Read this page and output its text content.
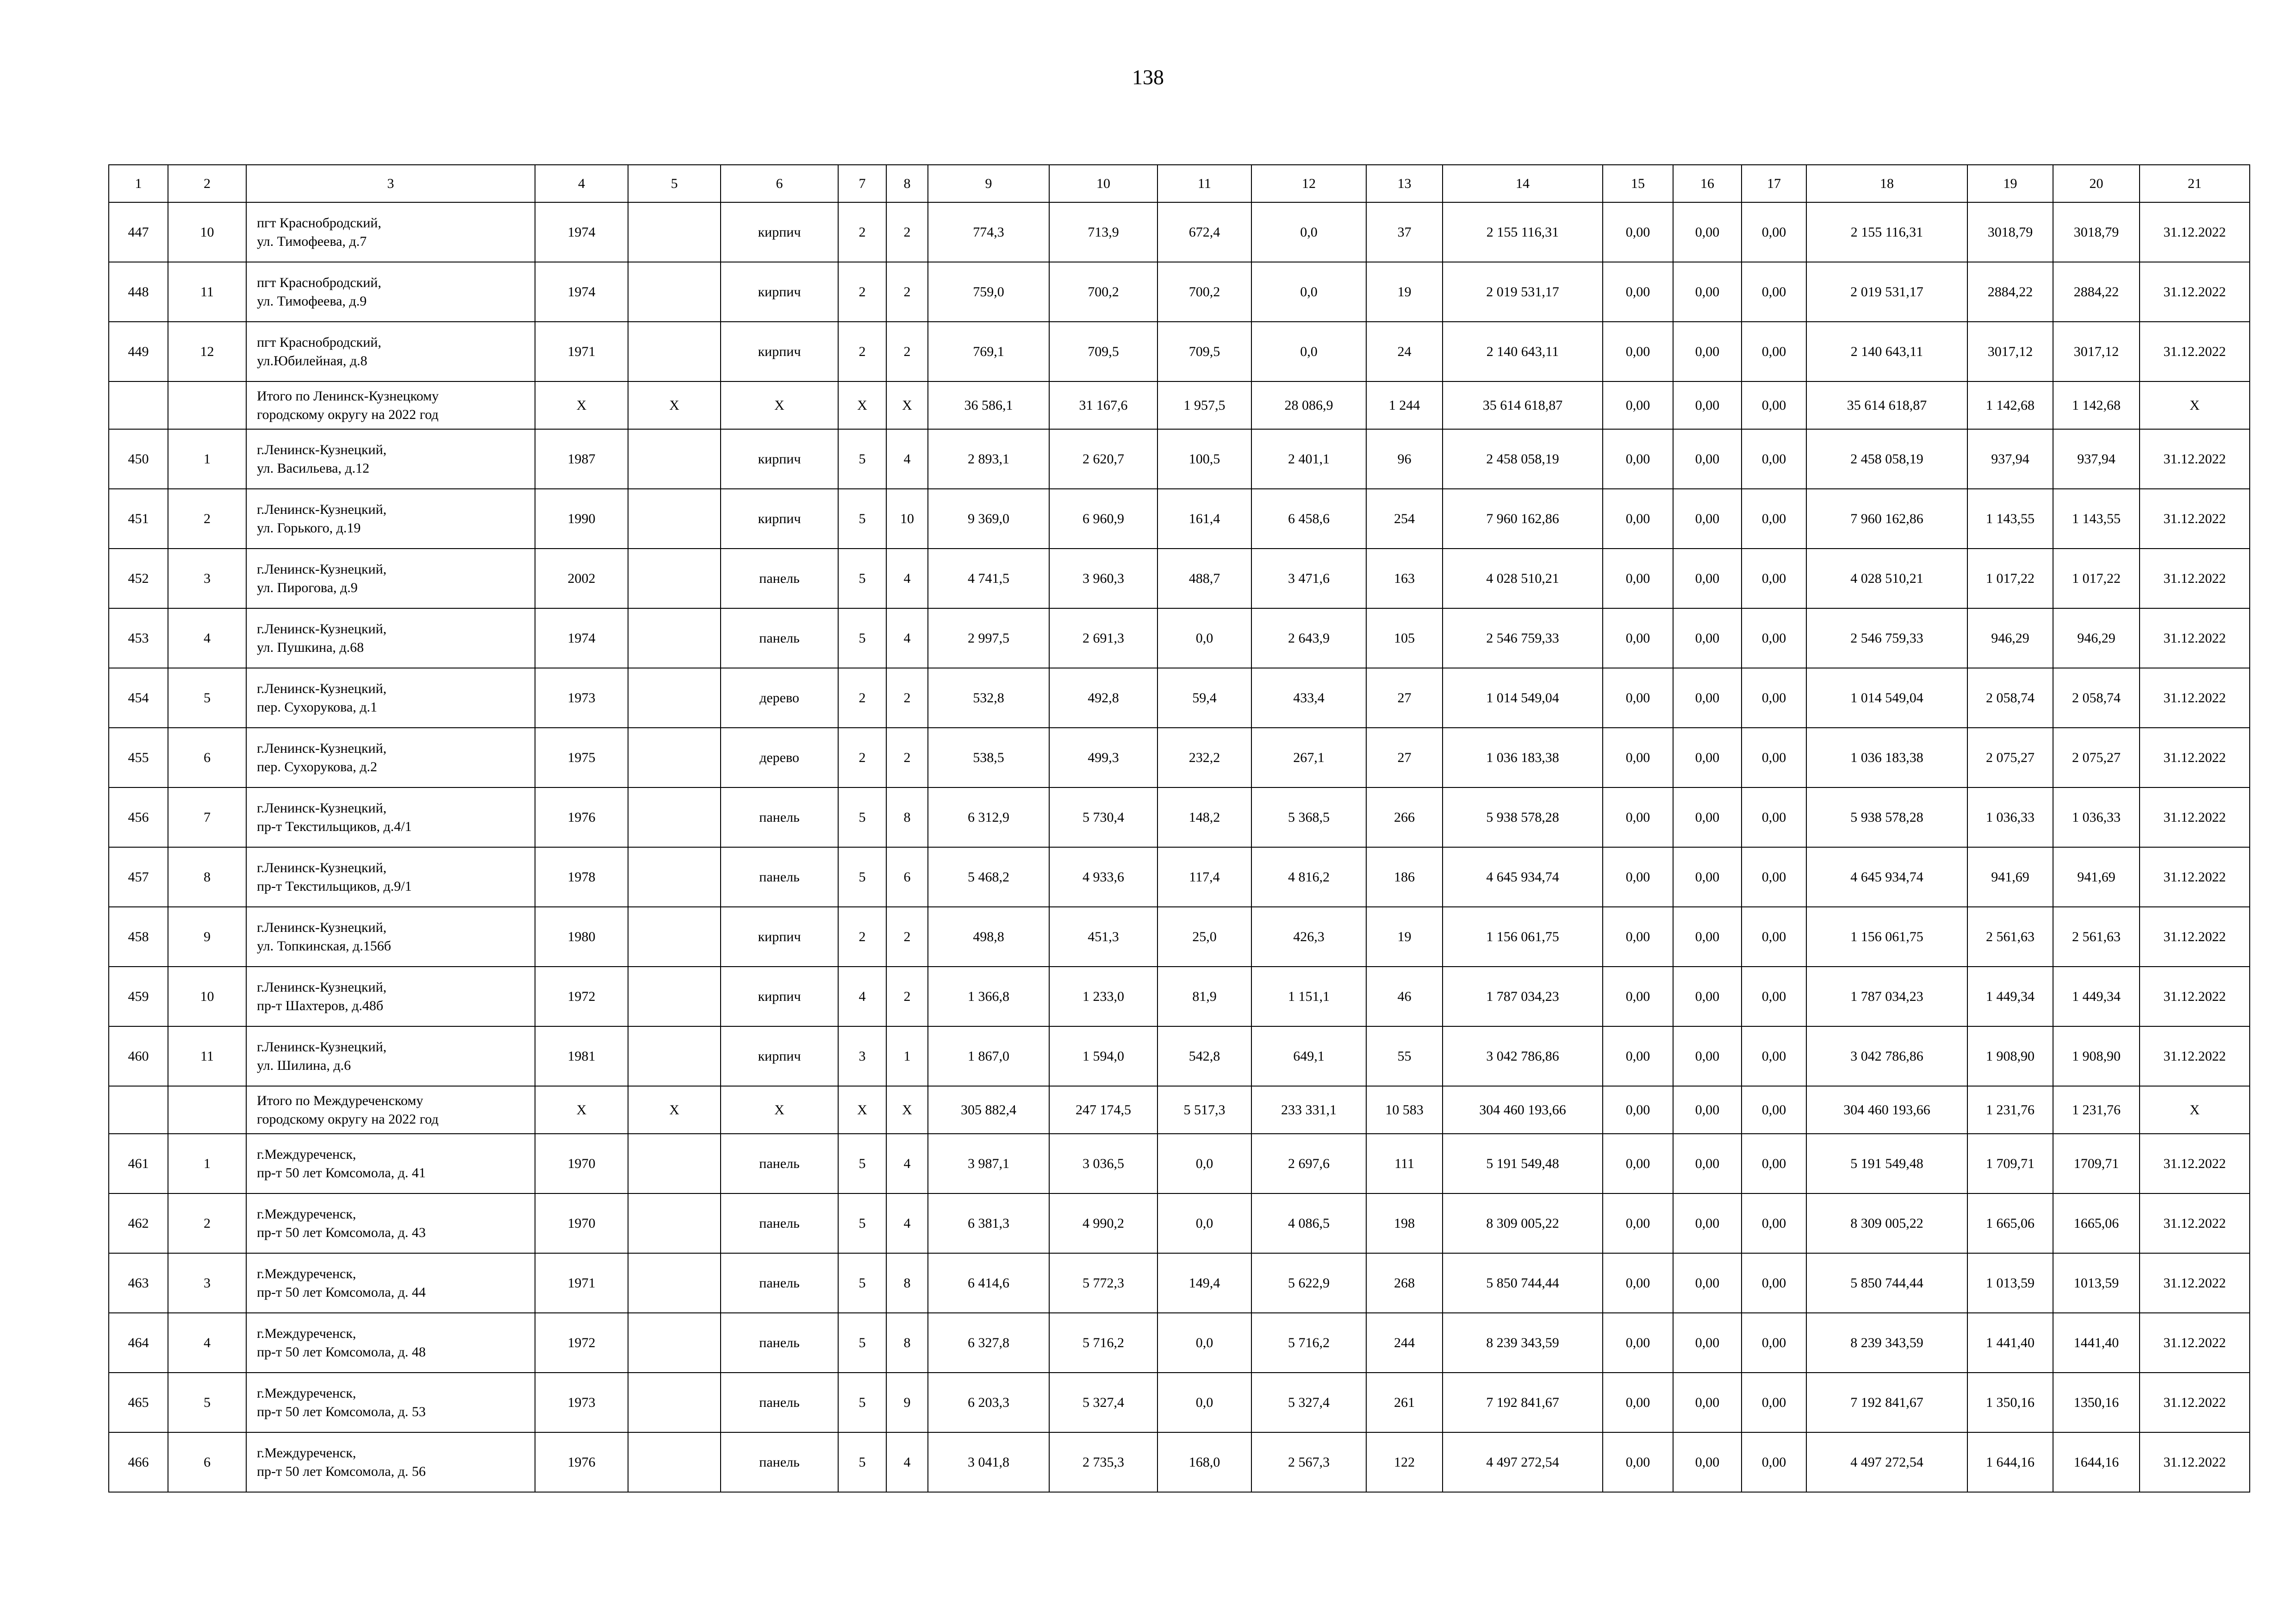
138
1	2	3	4	5	6	7	8	9	10	11	12	13	14	15	16	17	18	19	20	21
447	10	пгт Краснобродский,
ул. Тимофеева, д.7	1974		кирпич	2	2	774,3	713,9	672,4	0,0	37	2 155 116,31	0,00	0,00	0,00	2 155 116,31	3018,79	3018,79	31.12.2022
448	11	пгт Краснобродский,
ул. Тимофеева, д.9	1974		кирпич	2	2	759,0	700,2	700,2	0,0	19	2 019 531,17	0,00	0,00	0,00	2 019 531,17	2884,22	2884,22	31.12.2022
449	12	пгт Краснобродский,
ул.Юбилейная, д.8	1971		кирпич	2	2	769,1	709,5	709,5	0,0	24	2 140 643,11	0,00	0,00	0,00	2 140 643,11	3017,12	3017,12	31.12.2022

		Итого по Ленинск-Кузнецкому
городскому округу на 2022 год	X	X	X	X	X	36 586,1	31 167,6	1 957,5	28 086,9	1 244	35 614 618,87	0,00	0,00	0,00	35 614 618,87	1 142,68	1 142,68	X
450	1	г.Ленинск-Кузнецкий,
ул. Васильева, д.12	1987		кирпич	5	4	2 893,1	2 620,7	100,5	2 401,1	96	2 458 058,19	0,00	0,00	0,00	2 458 058,19	937,94	937,94	31.12.2022
451	2	г.Ленинск-Кузнецкий,
ул. Горького, д.19	1990		кирпич	5	10	9 369,0	6 960,9	161,4	6 458,6	254	7 960 162,86	0,00	0,00	0,00	7 960 162,86	1 143,55	1 143,55	31.12.2022
452	3	г.Ленинск-Кузнецкий,
ул. Пирогова, д.9	2002		панель	5	4	4 741,5	3 960,3	488,7	3 471,6	163	4 028 510,21	0,00	0,00	0,00	4 028 510,21	1 017,22	1 017,22	31.12.2022
453	4	г.Ленинск-Кузнецкий,
ул. Пушкина, д.68	1974		панель	5	4	2 997,5	2 691,3	0,0	2 643,9	105	2 546 759,33	0,00	0,00	0,00	2 546 759,33	946,29	946,29	31.12.2022
454	5	г.Ленинск-Кузнецкий,
пер. Сухорукова, д.1	1973		дерево	2	2	532,8	492,8	59,4	433,4	27	1 014 549,04	0,00	0,00	0,00	1 014 549,04	2 058,74	2 058,74	31.12.2022
455	6	г.Ленинск-Кузнецкий,
пер. Сухорукова, д.2	1975		дерево	2	2	538,5	499,3	232,2	267,1	27	1 036 183,38	0,00	0,00	0,00	1 036 183,38	2 075,27	2 075,27	31.12.2022
456	7	г.Ленинск-Кузнецкий,
пр-т Текстильщиков, д.4/1	1976		панель	5	8	6 312,9	5 730,4	148,2	5 368,5	266	5 938 578,28	0,00	0,00	0,00	5 938 578,28	1 036,33	1 036,33	31.12.2022
457	8	г.Ленинск-Кузнецкий,
пр-т Текстильщиков, д.9/1	1978		панель	5	6	5 468,2	4 933,6	117,4	4 816,2	186	4 645 934,74	0,00	0,00	0,00	4 645 934,74	941,69	941,69	31.12.2022
458	9	г.Ленинск-Кузнецкий,
ул. Топкинская, д.156б	1980		кирпич	2	2	498,8	451,3	25,0	426,3	19	1 156 061,75	0,00	0,00	0,00	1 156 061,75	2 561,63	2 561,63	31.12.2022
459	10	г.Ленинск-Кузнецкий,
пр-т Шахтеров, д.48б	1972		кирпич	4	2	1 366,8	1 233,0	81,9	1 151,1	46	1 787 034,23	0,00	0,00	0,00	1 787 034,23	1 449,34	1 449,34	31.12.2022
460	11	г.Ленинск-Кузнецкий,
ул. Шилина, д.6	1981		кирпич	3	1	1 867,0	1 594,0	542,8	649,1	55	3 042 786,86	0,00	0,00	0,00	3 042 786,86	1 908,90	1 908,90	31.12.2022

		Итого по Междуреченскому
городскому округу на 2022 год	X	X	X	X	X	305 882,4	247 174,5	5 517,3	233 331,1	10 583	304 460 193,66	0,00	0,00	0,00	304 460 193,66	1 231,76	1 231,76	X
461	1	г.Междуреченск,
пр-т 50 лет Комсомола, д. 41	1970		панель	5	4	3 987,1	3 036,5	0,0	2 697,6	111	5 191 549,48	0,00	0,00	0,00	5 191 549,48	1 709,71	1709,71	31.12.2022
462	2	г.Междуреченск,
пр-т 50 лет Комсомола, д. 43	1970		панель	5	4	6 381,3	4 990,2	0,0	4 086,5	198	8 309 005,22	0,00	0,00	0,00	8 309 005,22	1 665,06	1665,06	31.12.2022
463	3	г.Междуреченск,
пр-т 50 лет Комсомола, д. 44	1971		панель	5	8	6 414,6	5 772,3	149,4	5 622,9	268	5 850 744,44	0,00	0,00	0,00	5 850 744,44	1 013,59	1013,59	31.12.2022
464	4	г.Междуреченск,
пр-т 50 лет Комсомола, д. 48	1972		панель	5	8	6 327,8	5 716,2	0,0	5 716,2	244	8 239 343,59	0,00	0,00	0,00	8 239 343,59	1 441,40	1441,40	31.12.2022
465	5	г.Междуреченск,
пр-т 50 лет Комсомола, д. 53	1973		панель	5	9	6 203,3	5 327,4	0,0	5 327,4	261	7 192 841,67	0,00	0,00	0,00	7 192 841,67	1 350,16	1350,16	31.12.2022
466	6	г.Междуреченск,
пр-т 50 лет Комсомола, д. 56	1976		панель	5	4	3 041,8	2 735,3	168,0	2 567,3	122	4 497 272,54	0,00	0,00	0,00	4 497 272,54	1 644,16	1644,16	31.12.2022
